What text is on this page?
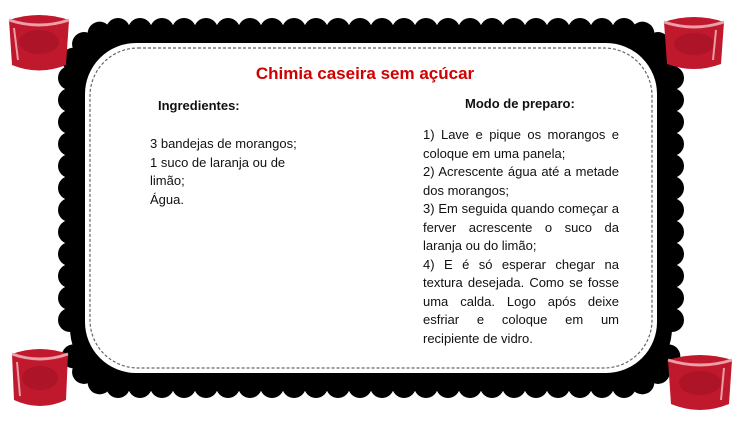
Chimia caseira sem açúcar
Ingredientes:
3 bandejas de morangos;
1 suco de laranja ou de limão;
Água.
Modo de preparo:
1) Lave e pique os morangos e coloque em uma panela;
2) Acrescente água até a metade dos morangos;
3) Em seguida quando começar a ferver acrescente o suco da laranja ou do limão;
4) E é só esperar chegar na textura desejada. Como se fosse uma calda. Logo após deixe esfriar e coloque em um recipiente de vidro.
